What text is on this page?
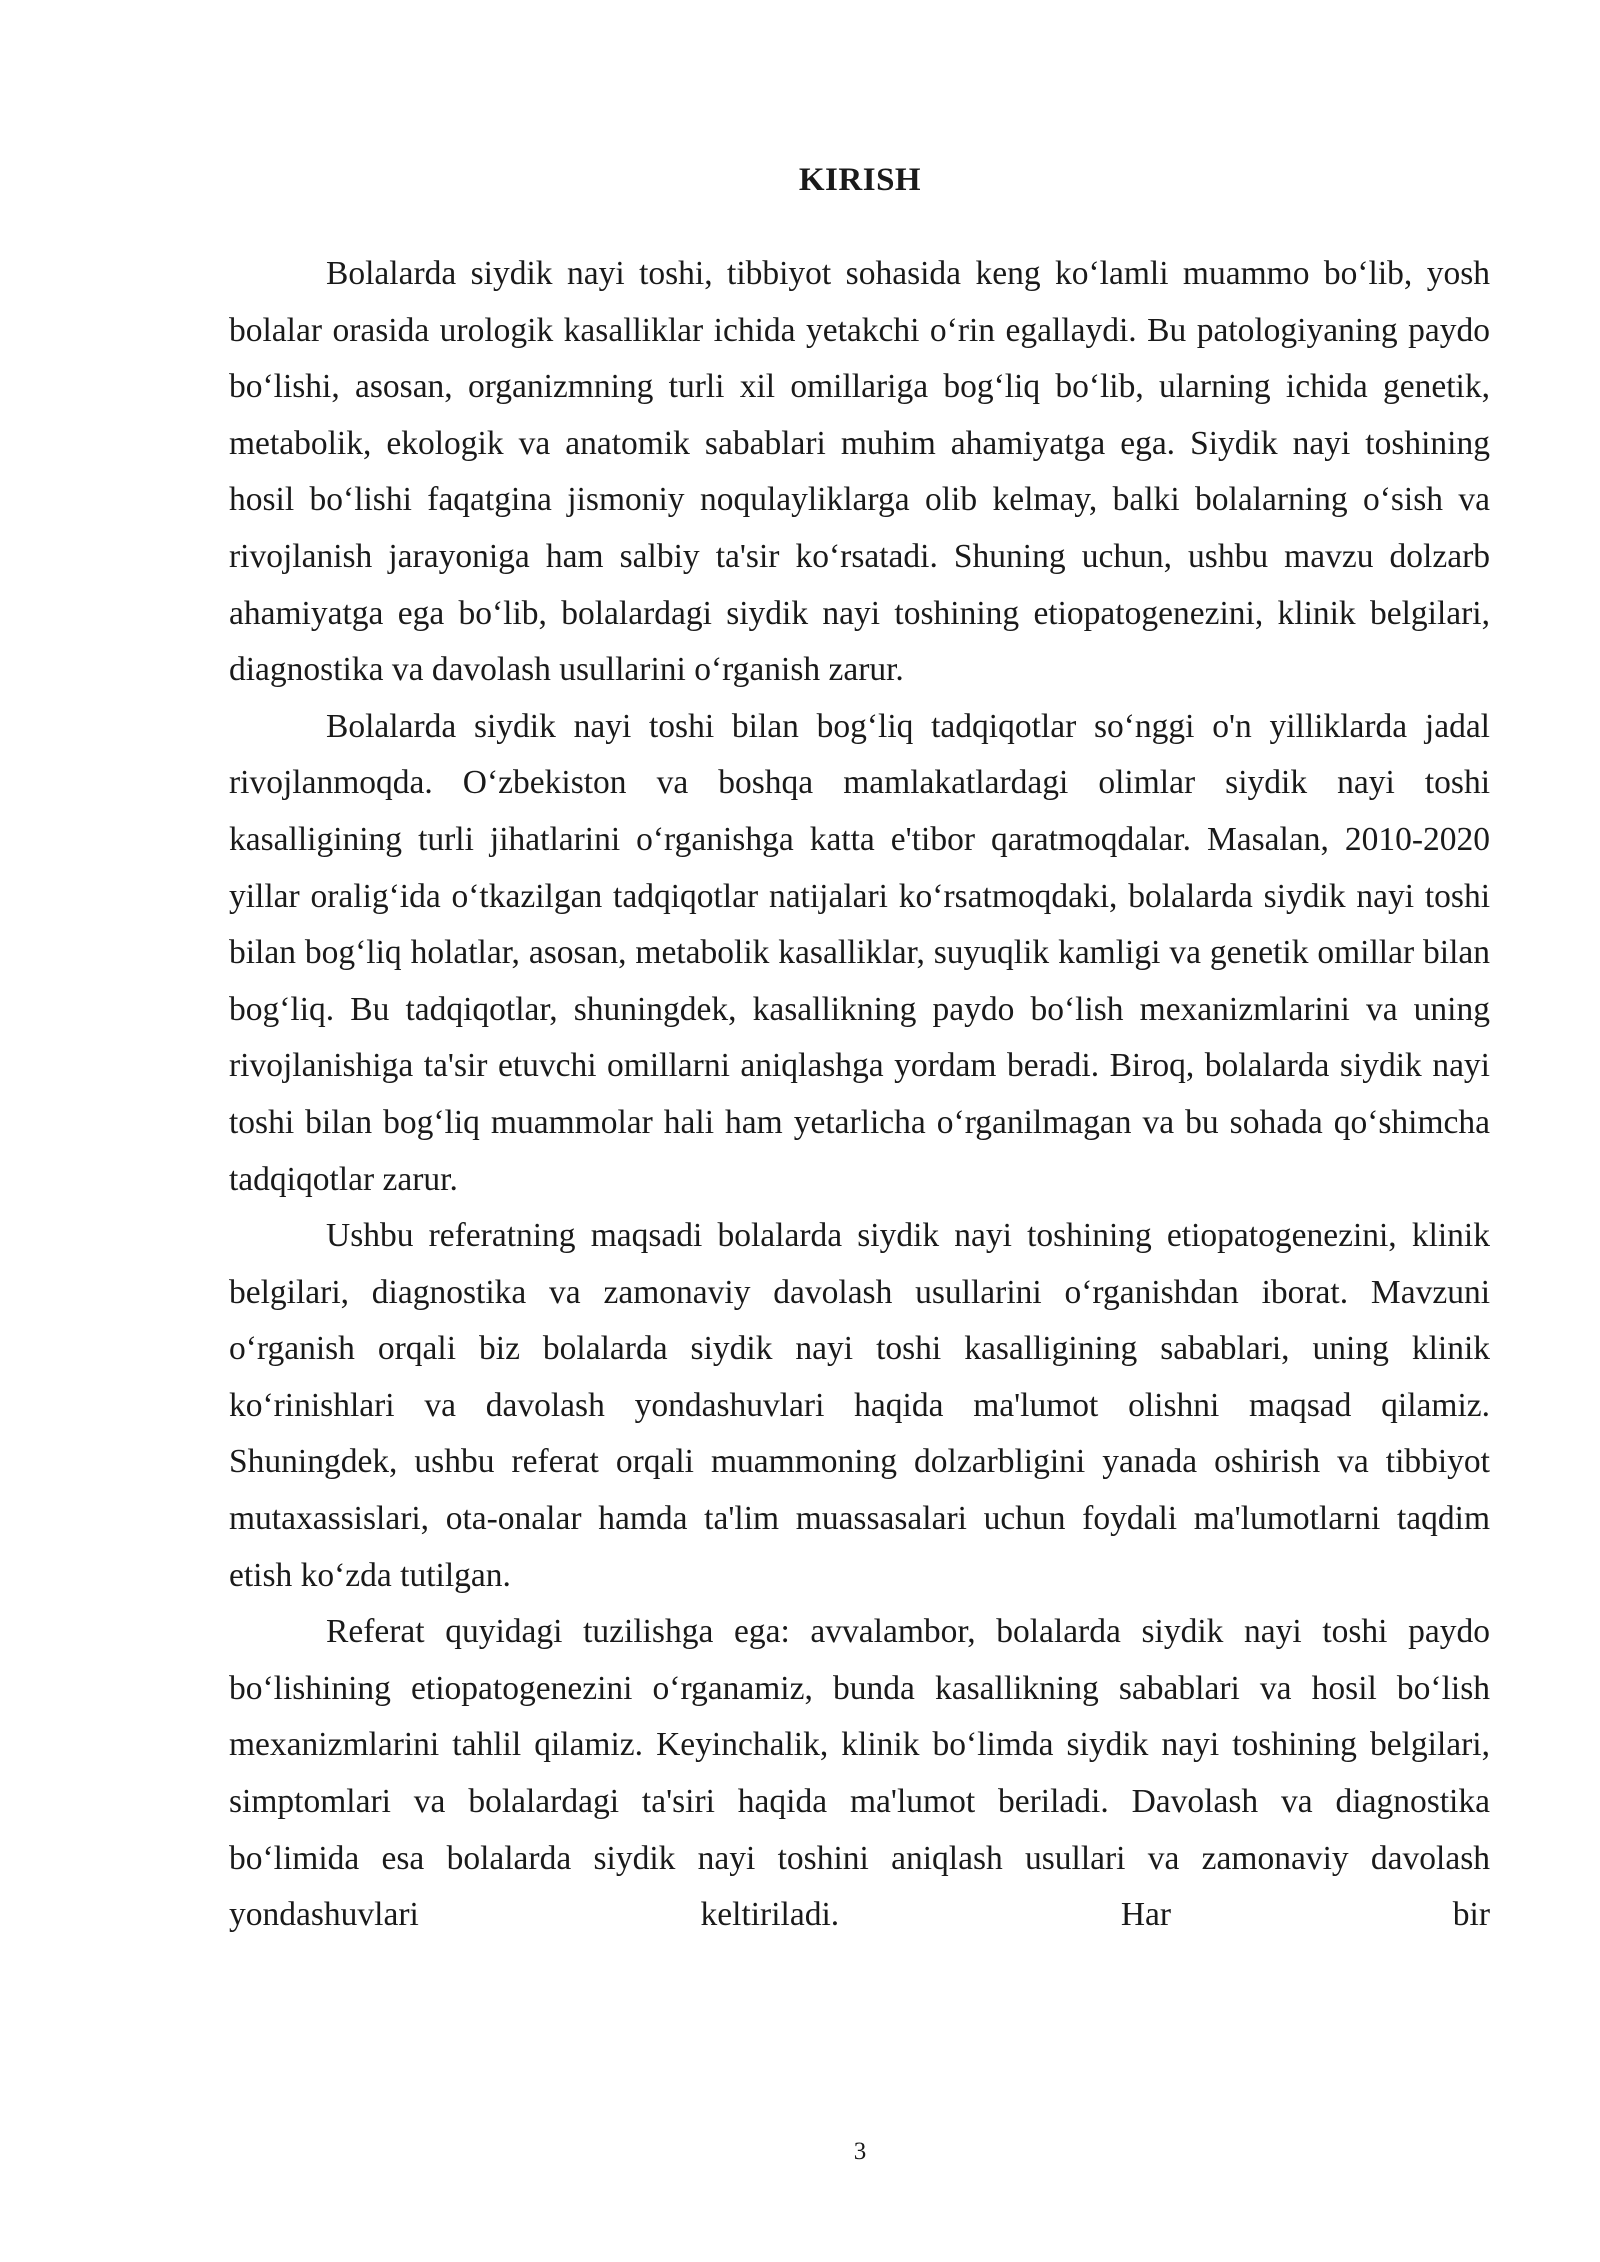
KIRISH

Bolalarda siydik nayi toshi, tibbiyot sohasida keng ko‘lamli muammo bo‘lib, yosh bolalar orasida urologik kasalliklar ichida yetakchi o‘rin egallaydi. Bu patologiyaning paydo bo‘lishi, asosan, organizmning turli xil omillariga bog‘liq bo‘lib, ularning ichida genetik, metabolik, ekologik va anatomik sabablari muhim ahamiyatga ega. Siydik nayi toshining hosil bo‘lishi faqatgina jismoniy noqulayliklarga olib kelmay, balki bolalarning o‘sish va rivojlanish jarayoniga ham salbiy ta'sir ko‘rsatadi. Shuning uchun, ushbu mavzu dolzarb ahamiyatga ega bo‘lib, bolalardagi siydik nayi toshining etiopatogenezini, klinik belgilari, diagnostika va davolash usullarini o‘rganish zarur.

Bolalarda siydik nayi toshi bilan bog‘liq tadqiqotlar so‘nggi o'n yilliklarda jadal rivojlanmoqda. O‘zbekiston va boshqa mamlakatlardagi olimlar siydik nayi toshi kasalligining turli jihatlarini o‘rganishga katta e'tibor qaratmoqdalar. Masalan, 2010-2020 yillar oralig‘ida o‘tkazilgan tadqiqotlar natijalari ko‘rsatmoqdaki, bolalarda siydik nayi toshi bilan bog‘liq holatlar, asosan, metabolik kasalliklar, suyuqlik kamligi va genetik omillar bilan bog‘liq. Bu tadqiqotlar, shuningdek, kasallikning paydo bo‘lish mexanizmlarini va uning rivojlanishiga ta'sir etuvchi omillarni aniqlashga yordam beradi. Biroq, bolalarda siydik nayi toshi bilan bog‘liq muammolar hali ham yetarlicha o‘rganilmagan va bu sohada qo‘shimcha tadqiqotlar zarur.

Ushbu referatning maqsadi bolalarda siydik nayi toshining etiopatogenezini, klinik belgilari, diagnostika va zamonaviy davolash usullarini o‘rganishdan iborat. Mavzuni o‘rganish orqali biz bolalarda siydik nayi toshi kasalligining sabablari, uning klinik ko‘rinishlari va davolash yondashuvlari haqida ma'lumot olishni maqsad qilamiz. Shuningdek, ushbu referat orqali muammoning dolzarbligini yanada oshirish va tibbiyot mutaxassislari, ota-onalar hamda ta'lim muassasalari uchun foydali ma'lumotlarni taqdim etish ko‘zda tutilgan.

Referat quyidagi tuzilishga ega: avvalambor, bolalarda siydik nayi toshi paydo bo‘lishining etiopatogenezini o‘rganamiz, bunda kasallikning sabablari va hosil bo‘lish mexanizmlarini tahlil qilamiz. Keyinchalik, klinik bo‘limda siydik nayi toshining belgilari, simptomlari va bolalardagi ta'siri haqida ma'lumot beriladi. Davolash va diagnostika bo‘limida esa bolalarda siydik nayi toshini aniqlash usullari va zamonaviy davolash yondashuvlari keltiriladi. Har bir

3
